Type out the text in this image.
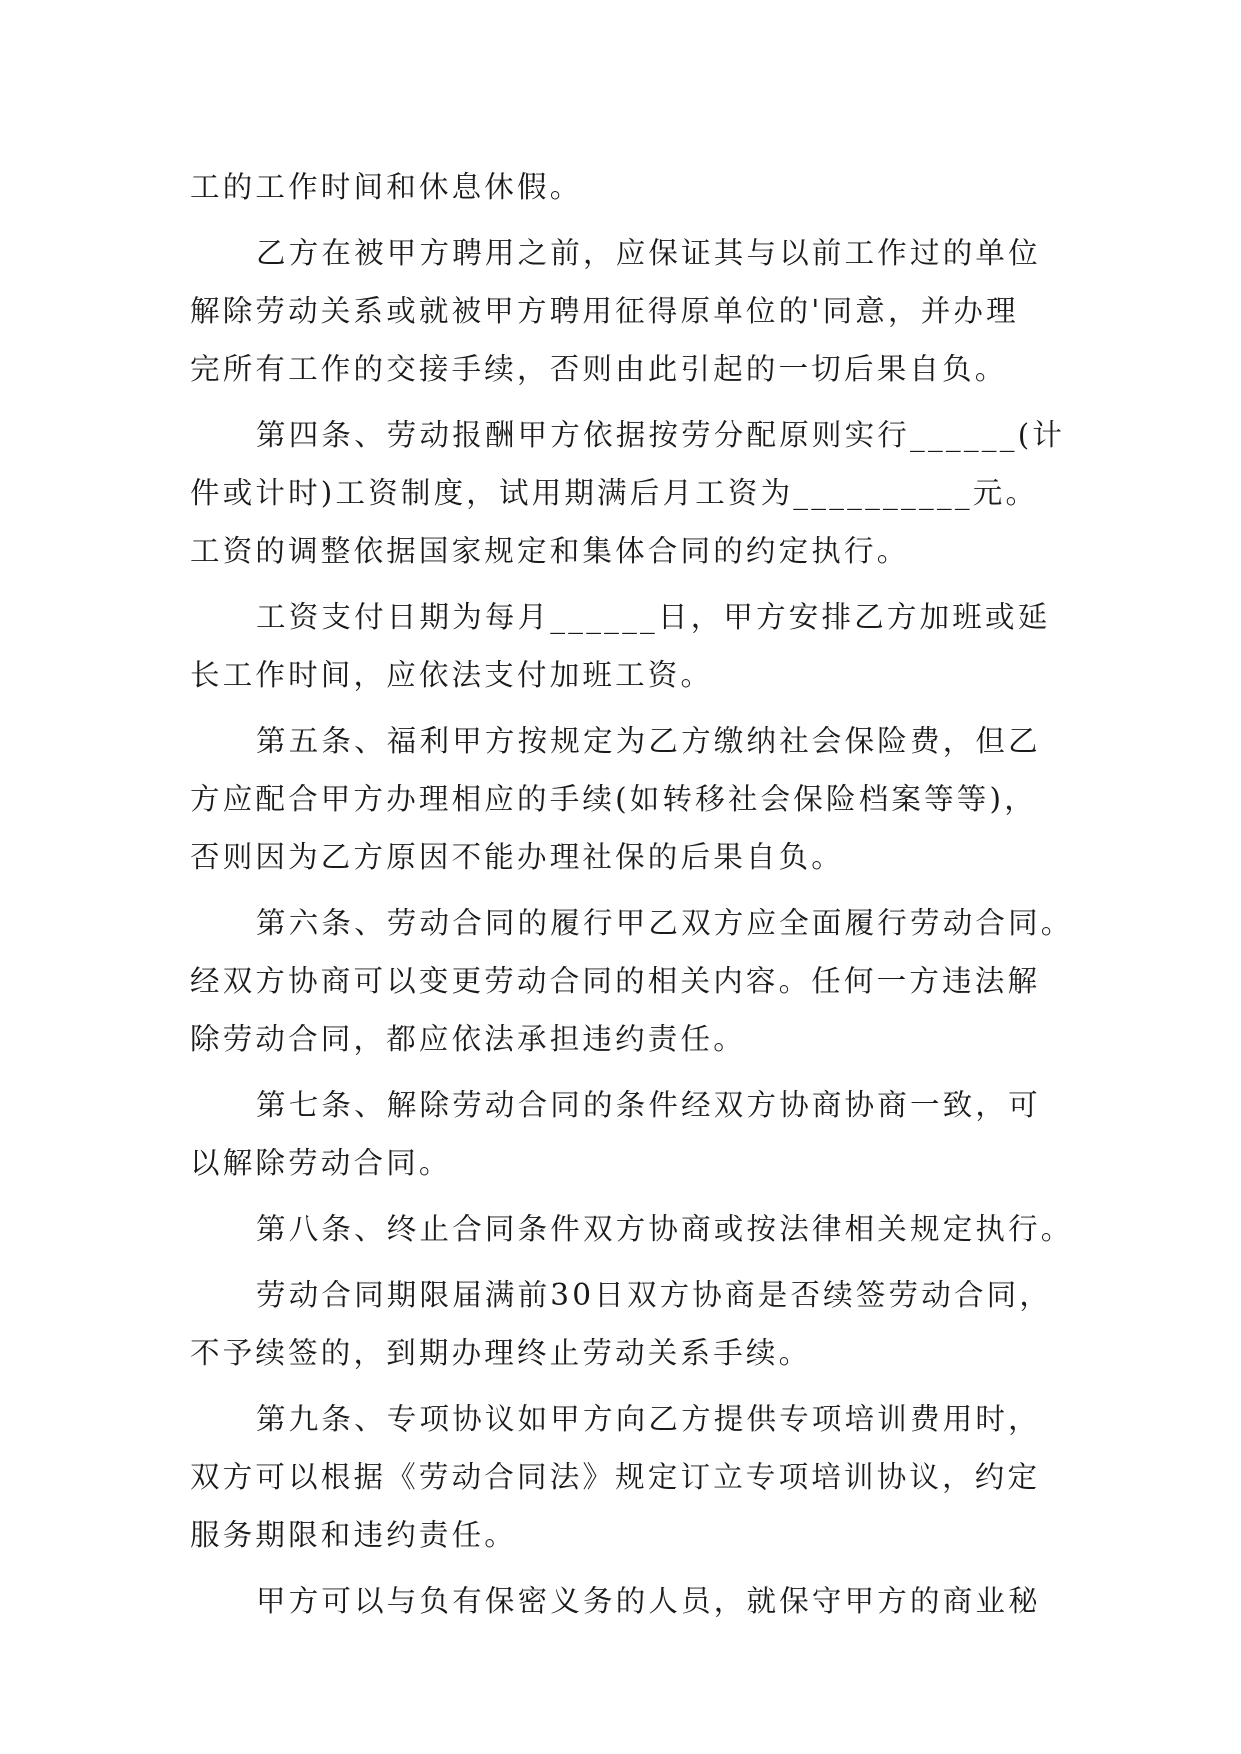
工的工作时间和休息休假。

乙方在被甲方聘用之前，应保证其与以前工作过的单位

解除劳动关系或就被甲方聘用征得原单位的'同意，并办理

完所有工作的交接手续，否则由此引起的一切后果自负。

第四条、劳动报酬甲方依据按劳分配原则实行______(计

件或计时)工资制度，试用期满后月工资为__________元。

工资的调整依据国家规定和集体合同的约定执行。

工资支付日期为每月______日，甲方安排乙方加班或延

长工作时间，应依法支付加班工资。

第五条、福利甲方按规定为乙方缴纳社会保险费，但乙

方应配合甲方办理相应的手续(如转移社会保险档案等等)，

否则因为乙方原因不能办理社保的后果自负。

第六条、劳动合同的履行甲乙双方应全面履行劳动合同。

经双方协商可以变更劳动合同的相关内容。任何一方违法解

除劳动合同，都应依法承担违约责任。

第七条、解除劳动合同的条件经双方协商协商一致，可

以解除劳动合同。

第八条、终止合同条件双方协商或按法律相关规定执行。

劳动合同期限届满前30日双方协商是否续签劳动合同，

不予续签的，到期办理终止劳动关系手续。

第九条、专项协议如甲方向乙方提供专项培训费用时，

双方可以根据《劳动合同法》规定订立专项培训协议，约定

服务期限和违约责任。

甲方可以与负有保密义务的人员，就保守甲方的商业秘
